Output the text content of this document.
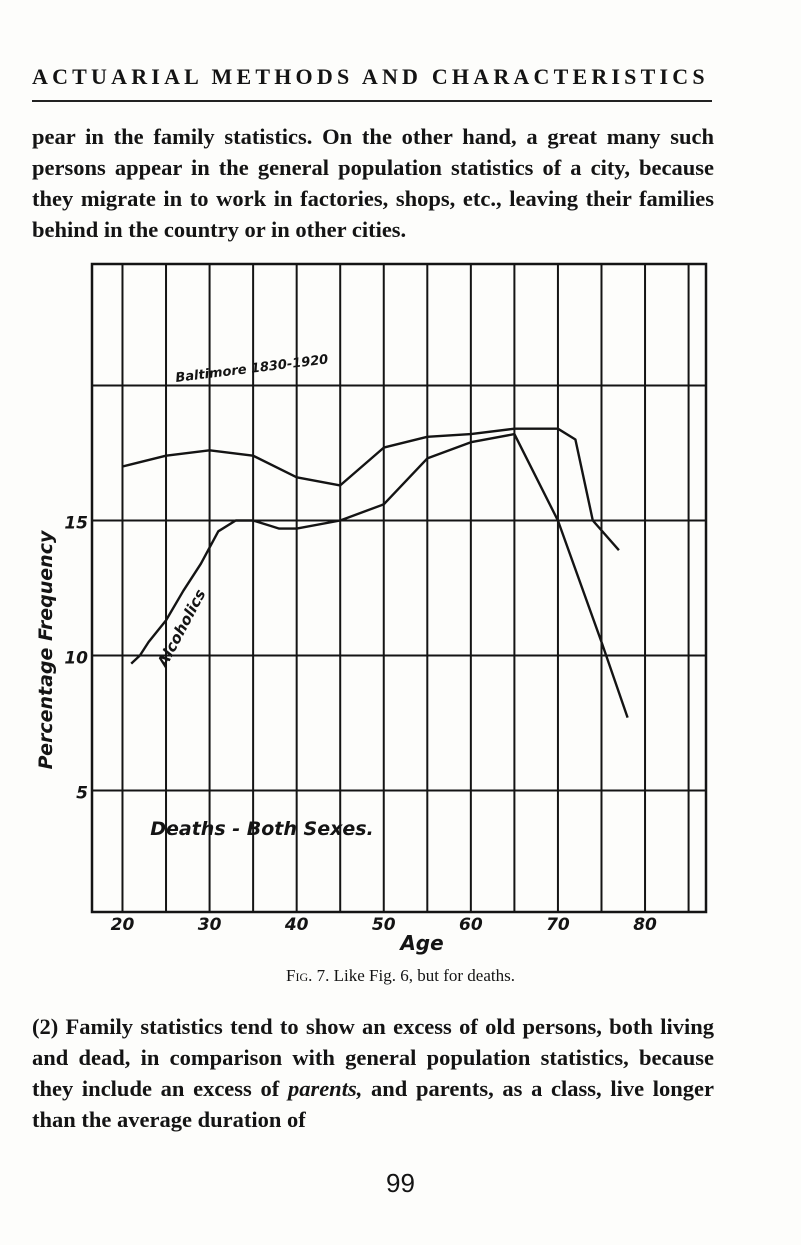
ACTUARIAL METHODS AND CHARACTERISTICS
pear in the family statistics. On the other hand, a great many such persons appear in the general population statistics of a city, because they migrate in to work in factories, shops, etc., leaving their families behind in the country or in other cities.
15
10
5
20	30	40	50	60	70	80
Age
Percentage Frequency
Deaths - Both Sexes.
Baltimore 1830-1920
Alcoholics
Fig. 7. Like Fig. 6, but for deaths.
(2) Family statistics tend to show an excess of old persons, both living and dead, in comparison with general population statistics, because they include an excess of parents, and parents, as a class, live longer than the average duration of
99
